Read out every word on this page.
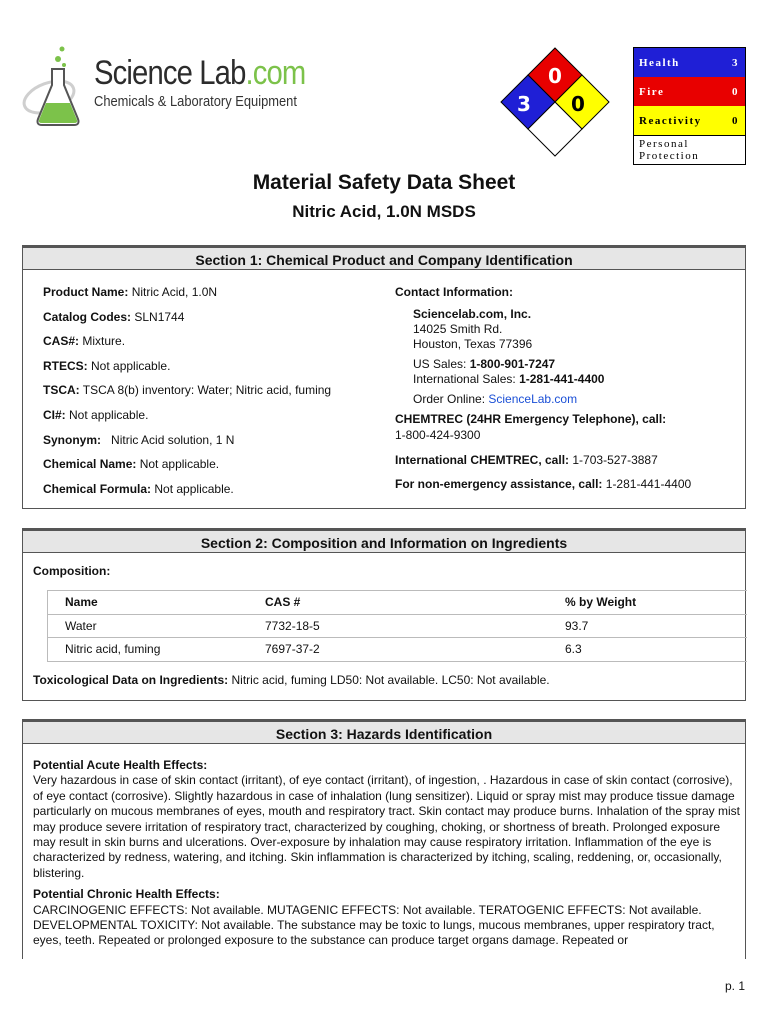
Science Lab.com
Chemicals & Laboratory Equipment
0
3 0
Health	3
Fire	0
Reactivity	0
Personal
Protection
Material Safety Data Sheet
Nitric Acid, 1.0N MSDS
Section 1: Chemical Product and Company Identification
Product Name: Nitric Acid, 1.0N
Catalog Codes: SLN1744
CAS#: Mixture.
RTECS: Not applicable.
TSCA: TSCA 8(b) inventory: Water; Nitric acid, fuming
CI#: Not applicable.
Synonym: Nitric Acid solution, 1 N
Chemical Name: Not applicable.
Chemical Formula: Not applicable.
Contact Information:
Sciencelab.com, Inc.
14025 Smith Rd.
Houston, Texas 77396
US Sales: 1-800-901-7247
International Sales: 1-281-441-4400
Order Online: ScienceLab.com
CHEMTREC (24HR Emergency Telephone), call:
1-800-424-9300
International CHEMTREC, call: 1-703-527-3887
For non-emergency assistance, call: 1-281-441-4400
Section 2: Composition and Information on Ingredients
Composition:
Name	CAS #	% by Weight
Water	7732-18-5	93.7
Nitric acid, fuming	7697-37-2	6.3
Toxicological Data on Ingredients: Nitric acid, fuming LD50: Not available. LC50: Not available.
Section 3: Hazards Identification
Potential Acute Health Effects:

Very hazardous in case of skin contact (irritant), of eye contact (irritant), of ingestion, . Hazardous in case of skin contact (corrosive), of eye contact (corrosive). Slightly hazardous in case of inhalation (lung sensitizer). Liquid or spray mist may produce tissue damage particularly on mucous membranes of eyes, mouth and respiratory tract. Skin contact may produce burns. Inhalation of the spray mist may produce severe irritation of respiratory tract, characterized by coughing, choking, or shortness of breath. Prolonged exposure may result in skin burns and ulcerations. Over-exposure by inhalation may cause respiratory irritation. Inflammation of the eye is characterized by redness, watering, and itching. Skin inflammation is characterized by itching, scaling, reddening, or, occasionally, blistering.

Potential Chronic Health Effects:

CARCINOGENIC EFFECTS: Not available. MUTAGENIC EFFECTS: Not available. TERATOGENIC EFFECTS: Not available. DEVELOPMENTAL TOXICITY: Not available. The substance may be toxic to lungs, mucous membranes, upper respiratory tract, eyes, teeth. Repeated or prolonged exposure to the substance can produce target organs damage. Repeated or

p. 1
